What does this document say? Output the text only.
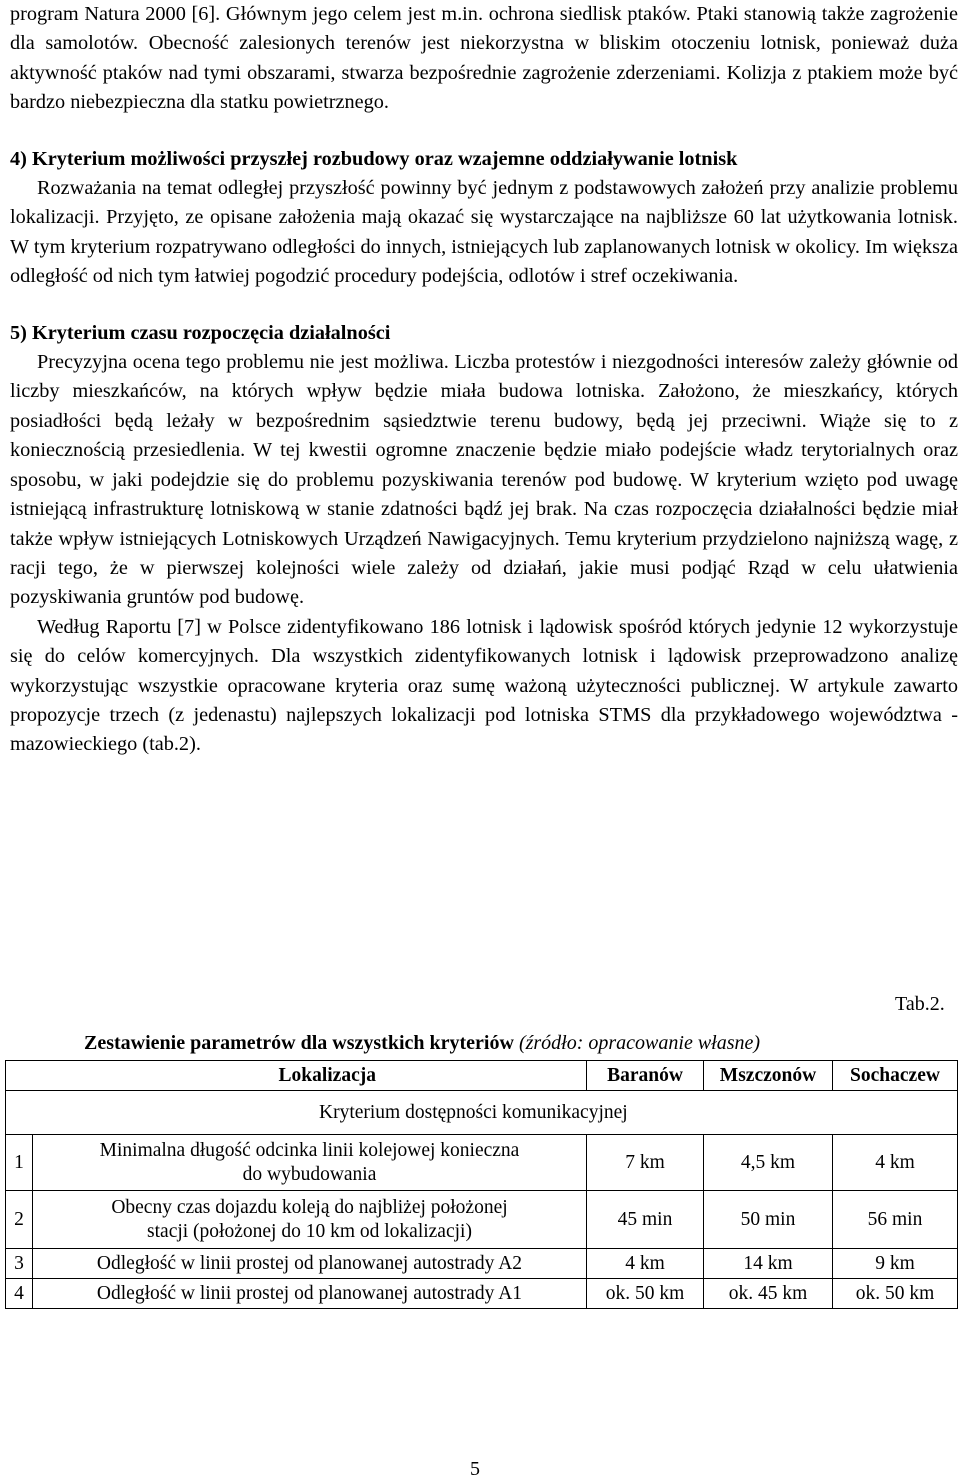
program Natura 2000 [6]. Głównym jego celem jest m.in. ochrona siedlisk ptaków. Ptaki stanowią także zagrożenie dla samolotów. Obecność zalesionych terenów jest niekorzystna w bliskim otoczeniu lotnisk, ponieważ duża aktywność ptaków nad tymi obszarami, stwarza bezpośrednie zagrożenie zderzeniami. Kolizja z ptakiem może być bardzo niebezpieczna dla statku powietrznego.

4) Kryterium możliwości przyszłej rozbudowy oraz wzajemne oddziaływanie lotnisk

Rozważania na temat odległej przyszłość powinny być jednym z podstawowych założeń przy analizie problemu lokalizacji. Przyjęto, ze opisane założenia mają okazać się wystarczające na najbliższe 60 lat użytkowania lotnisk. W tym kryterium rozpatrywano odległości do innych, istniejących lub zaplanowanych lotnisk w okolicy. Im większa odległość od nich tym łatwiej pogodzić procedury podejścia, odlotów i stref oczekiwania.

5) Kryterium czasu rozpoczęcia działalności

Precyzyjna ocena tego problemu nie jest możliwa. Liczba protestów i niezgodności interesów zależy głównie od liczby mieszkańców, na których wpływ będzie miała budowa lotniska. Założono, że mieszkańcy, których posiadłości będą leżały w bezpośrednim sąsiedztwie terenu budowy, będą jej przeciwni. Wiąże się to z koniecznością przesiedlenia. W tej kwestii ogromne znaczenie będzie miało podejście władz terytorialnych oraz sposobu, w jaki podejdzie się do problemu pozyskiwania terenów pod budowę. W kryterium wzięto pod uwagę istniejącą infrastrukturę lotniskową w stanie zdatności bądź jej brak. Na czas rozpoczęcia działalności będzie miał także wpływ istniejących Lotniskowych Urządzeń Nawigacyjnych. Temu kryterium przydzielono najniższą wagę, z racji tego, że w pierwszej kolejności wiele zależy od działań, jakie musi podjąć Rząd w celu ułatwienia pozyskiwania gruntów pod budowę.

Według Raportu [7] w Polsce zidentyfikowano 186 lotnisk i lądowisk spośród których jedynie 12 wykorzystuje się do celów komercyjnych. Dla wszystkich zidentyfikowanych lotnisk i lądowisk przeprowadzono analizę wykorzystując wszystkie opracowane kryteria oraz sumę ważoną użyteczności publicznej. W artykule zawarto propozycje trzech (z jedenastu) najlepszych lokalizacji pod lotniska STMS dla przykładowego województwa - mazowieckiego (tab.2).

Tab.2.
Zestawienie parametrów dla wszystkich kryteriów (źródło: opracowanie własne)
Lokalizacja		Baranów	Mszczonów	Sochaczew
Kryterium dostępności komunikacyjnej				
1	Minimalna długość odcinka linii kolejowej konieczna
do wybudowania	7 km	4,5 km	4 km
2	Obecny czas dojazdu koleją do najbliżej położonej
stacji (położonej do 10 km od lokalizacji)	45 min	50 min	56 min
3	Odległość w linii prostej od planowanej autostrady A2	4 km	14 km	9 km
4	Odległość w linii prostej od planowanej autostrady A1	ok. 50 km	ok. 45 km	ok. 50 km
5
